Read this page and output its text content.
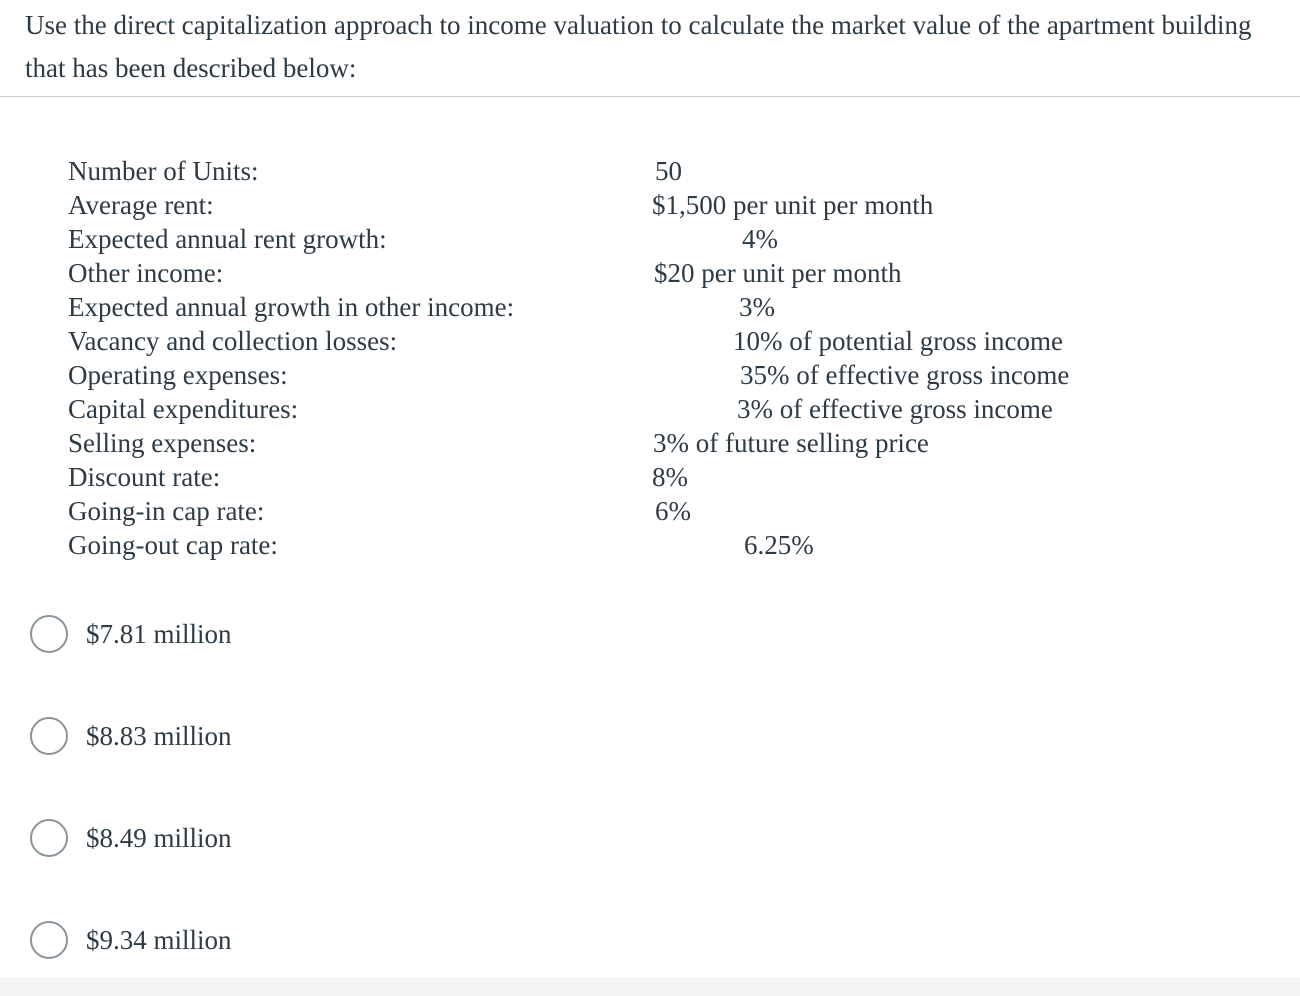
Use the direct capitalization approach to income valuation to calculate the market value of the apartment building that has been described below:
Number of Units:	50
Average rent:	$1,500 per unit per month
Expected annual rent growth:	4%
Other income:	$20 per unit per month
Expected annual growth in other income:	3%
Vacancy and collection losses:	10% of potential gross income
Operating expenses:	35% of effective gross income
Capital expenditures:	3% of effective gross income
Selling expenses:	3% of future selling price
Discount rate:	8%
Going-in cap rate:	6%
Going-out cap rate:	6.25%
$7.81 million
$8.83 million
$8.49 million
$9.34 million
